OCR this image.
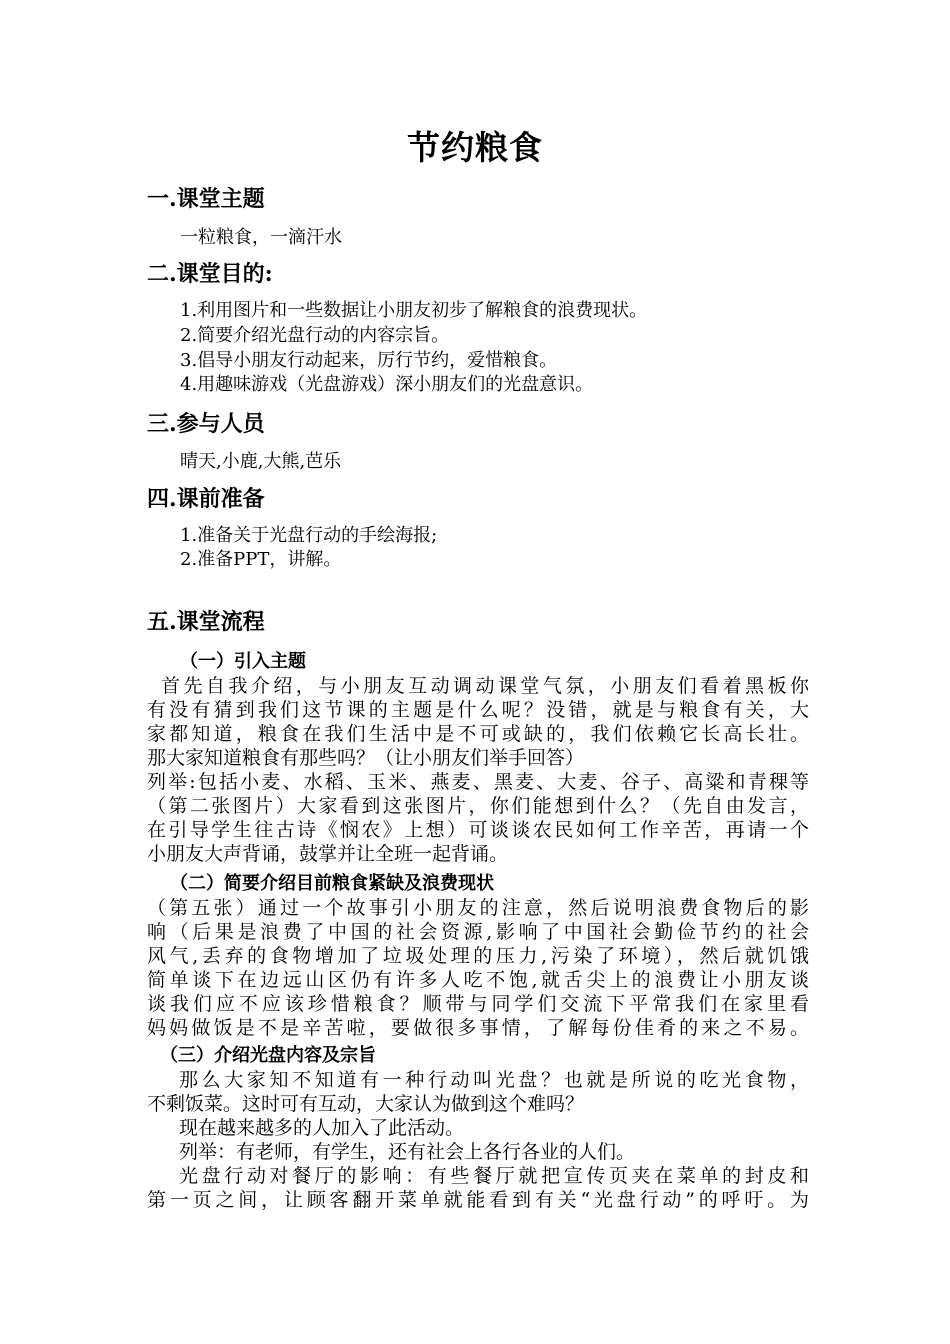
节约粮食
一.课堂主题
一粒粮食，一滴汗水
二.课堂目的:
1.利用图片和一些数据让小朋友初步了解粮食的浪费现状。
2.简要介绍光盘行动的内容宗旨。
3.倡导小朋友行动起来，厉行节约，爱惜粮食。
4.用趣味游戏（光盘游戏）深小朋友们的光盘意识。
三.参与人员
晴天,小鹿,大熊,芭乐
四.课前准备
1.准备关于光盘行动的手绘海报;
2.准备PPT，讲解。
五.课堂流程
（一）引入主题
首先自我介绍，与小朋友互动调动课堂气氛，小朋友们看着黑板你
有没有猜到我们这节课的主题是什么呢？没错，就是与粮食有关，大
家都知道，粮食在我们生活中是不可或缺的，我们依赖它长高长壮。
那大家知道粮食有那些吗？（让小朋友们举手回答）
列举:包括小麦、水稻、玉米、燕麦、黑麦、大麦、谷子、高粱和青稞等
（第二张图片）大家看到这张图片，你们能想到什么？（先自由发言，
在引导学生往古诗《悯农》上想）可谈谈农民如何工作辛苦，再请一个
小朋友大声背诵，鼓掌并让全班一起背诵。
（二）简要介绍目前粮食紧缺及浪费现状
（第五张）通过一个故事引小朋友的注意，然后说明浪费食物后的影
响（后果是浪费了中国的社会资源,影响了中国社会勤俭节约的社会
风气,丢弃的食物增加了垃圾处理的压力,污染了环境），然后就饥饿
简单谈下在边远山区仍有许多人吃不饱,就舌尖上的浪费让小朋友谈
谈我们应不应该珍惜粮食？顺带与同学们交流下平常我们在家里看
妈妈做饭是不是辛苦啦，要做很多事情，了解每份佳肴的来之不易。
（三）介绍光盘内容及宗旨
那么大家知不知道有一种行动叫光盘？也就是所说的吃光食物，
不剩饭菜。这时可有互动，大家认为做到这个难吗？
现在越来越多的人加入了此活动。
列举：有老师，有学生，还有社会上各行各业的人们。
光盘行动对餐厅的影响：有些餐厅就把宣传页夹在菜单的封皮和
第一页之间，让顾客翻开菜单就能看到有关“光盘行动”的呼吁。为
